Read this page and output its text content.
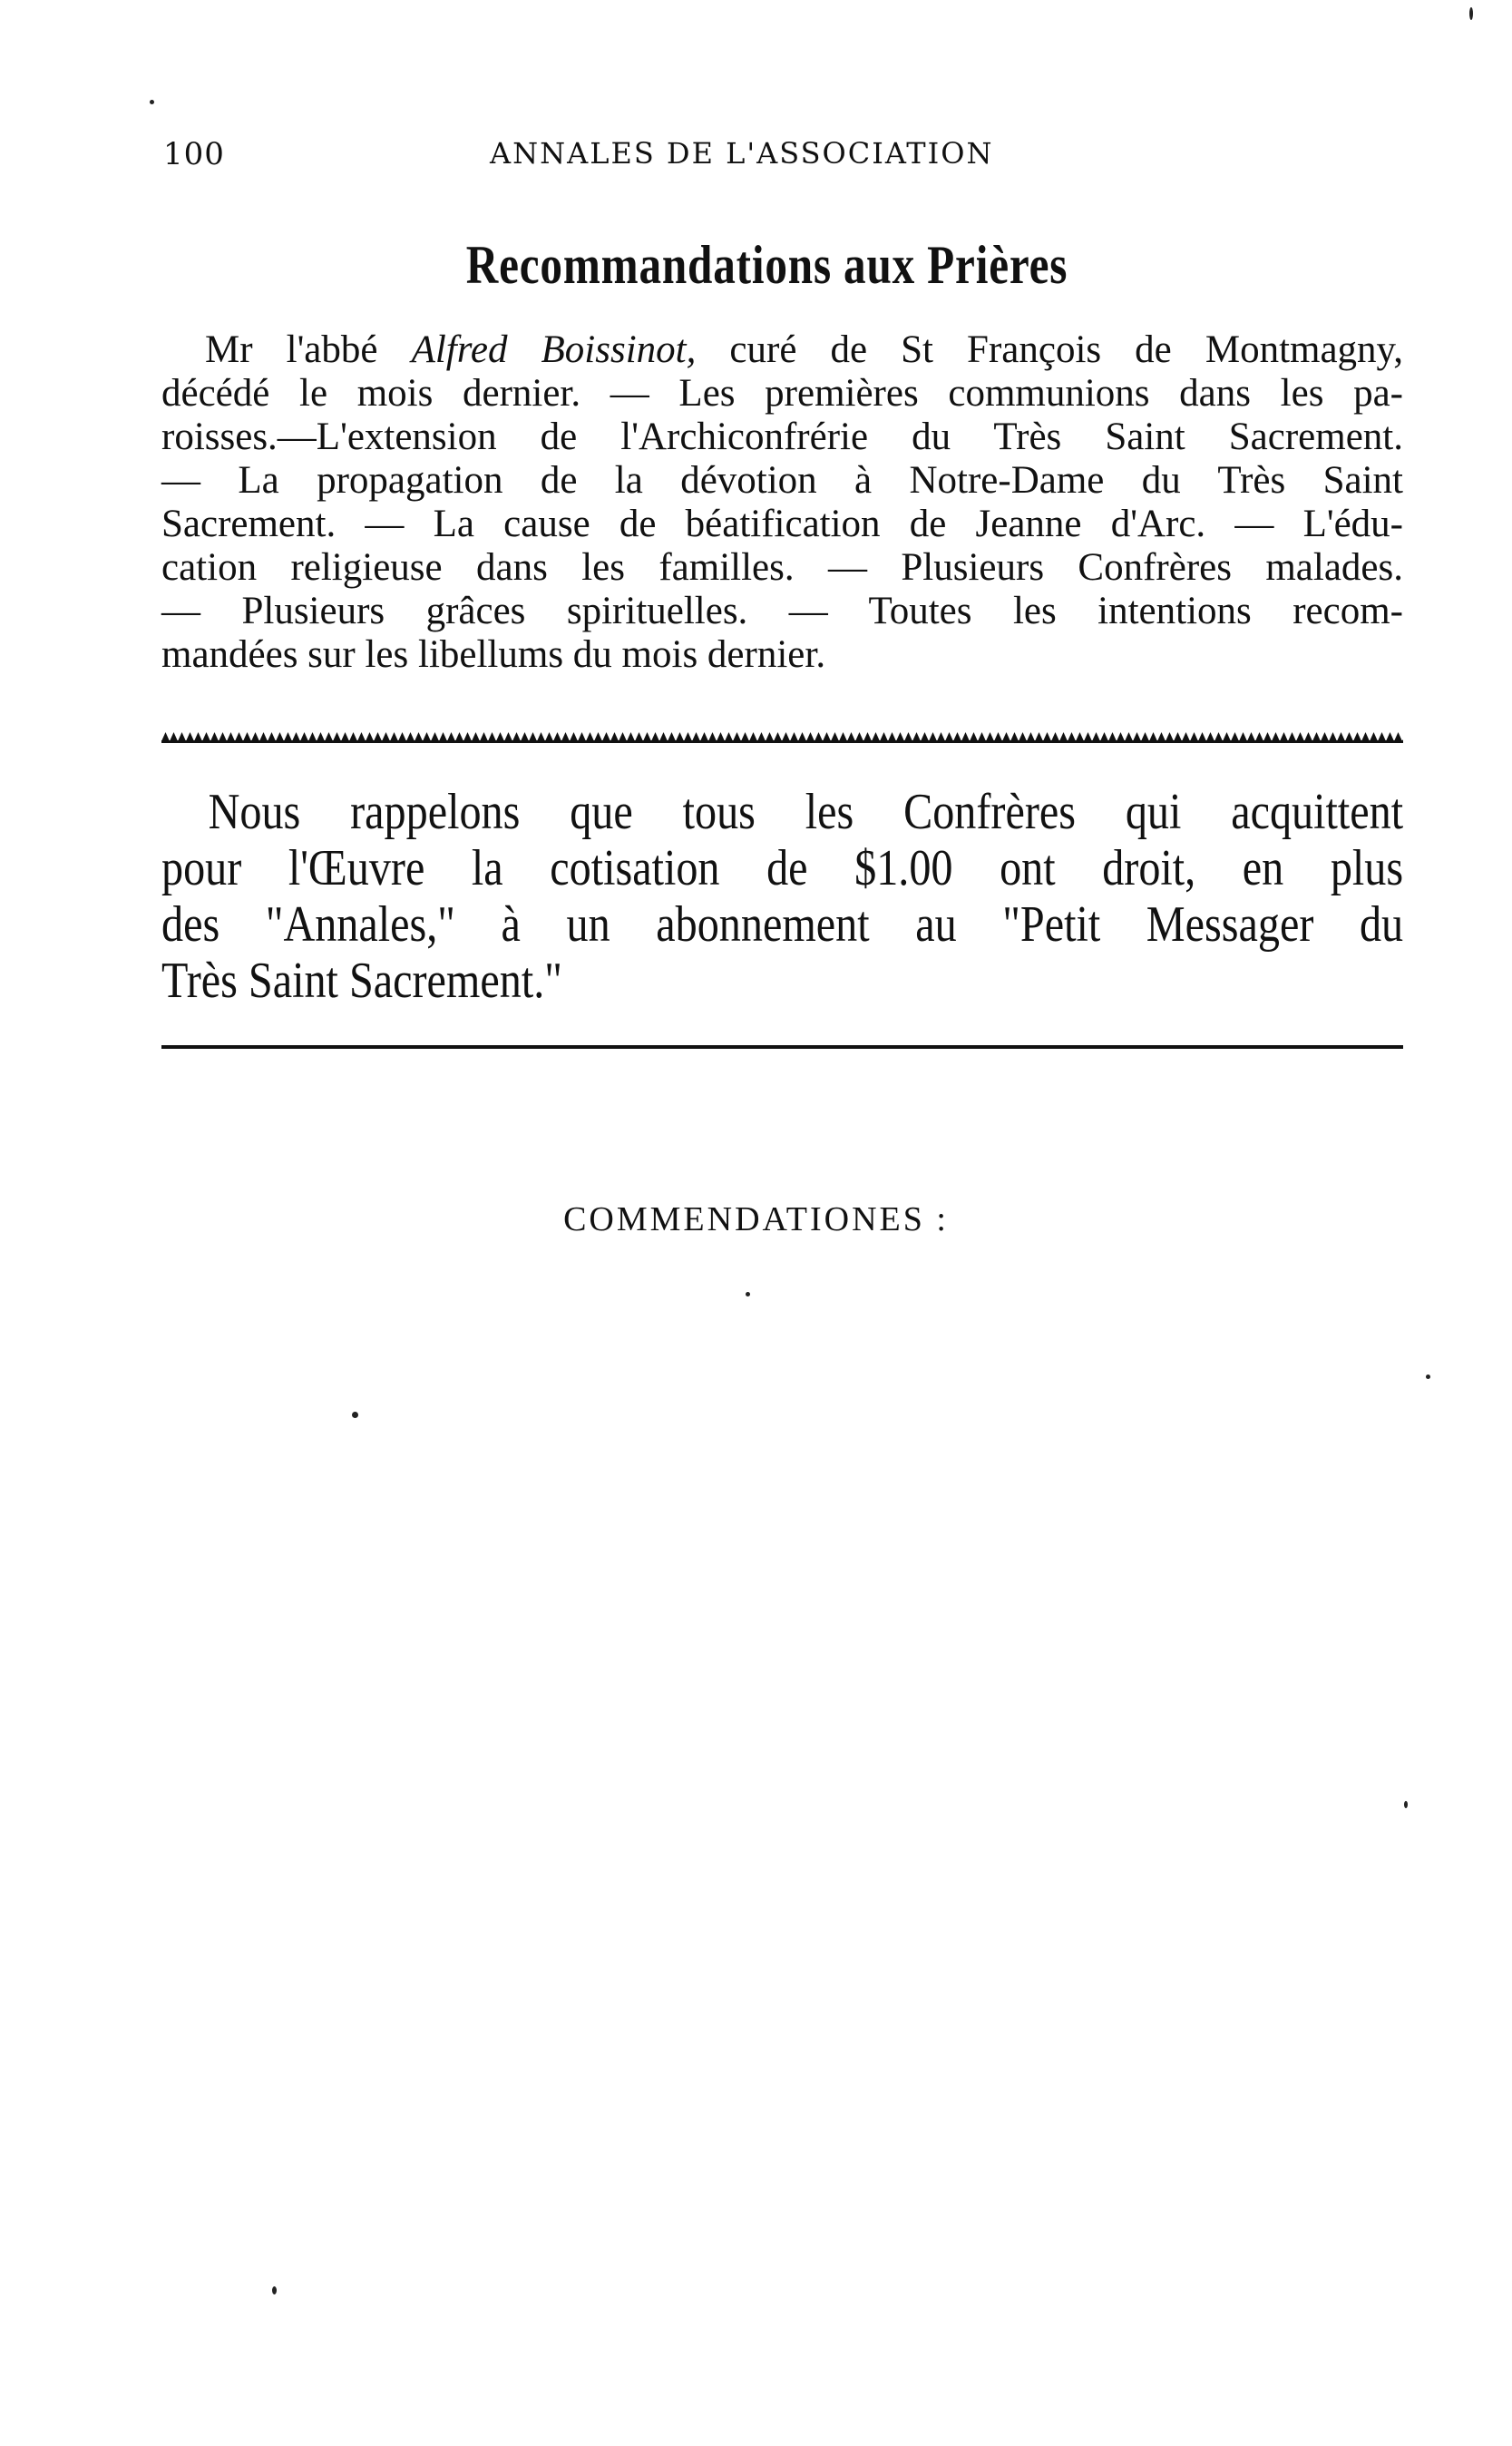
100	ANNALES DE L'ASSOCIATION
Recommandations aux Prières
Mr l'abbé Alfred Boissinot, curé de St François de Montmagny,
décédé le mois dernier. — Les premières communions dans les pa-
roisses.—L'extension de l'Archiconfrérie du Très Saint Sacrement.
— La propagation de la dévotion à Notre-Dame du Très Saint
Sacrement. — La cause de béatification de Jeanne d'Arc. — L'édu-
cation religieuse dans les familles. — Plusieurs Confrères malades.
— Plusieurs grâces spirituelles. — Toutes les intentions recom-
mandées sur les libellums du mois dernier.
Nous rappelons que tous les Confrères qui acquittent
pour l'Œuvre la cotisation de $1.00 ont droit, en plus
des "Annales," à un abonnement au "Petit Messager du
Très Saint Sacrement."
COMMENDATIONES :
